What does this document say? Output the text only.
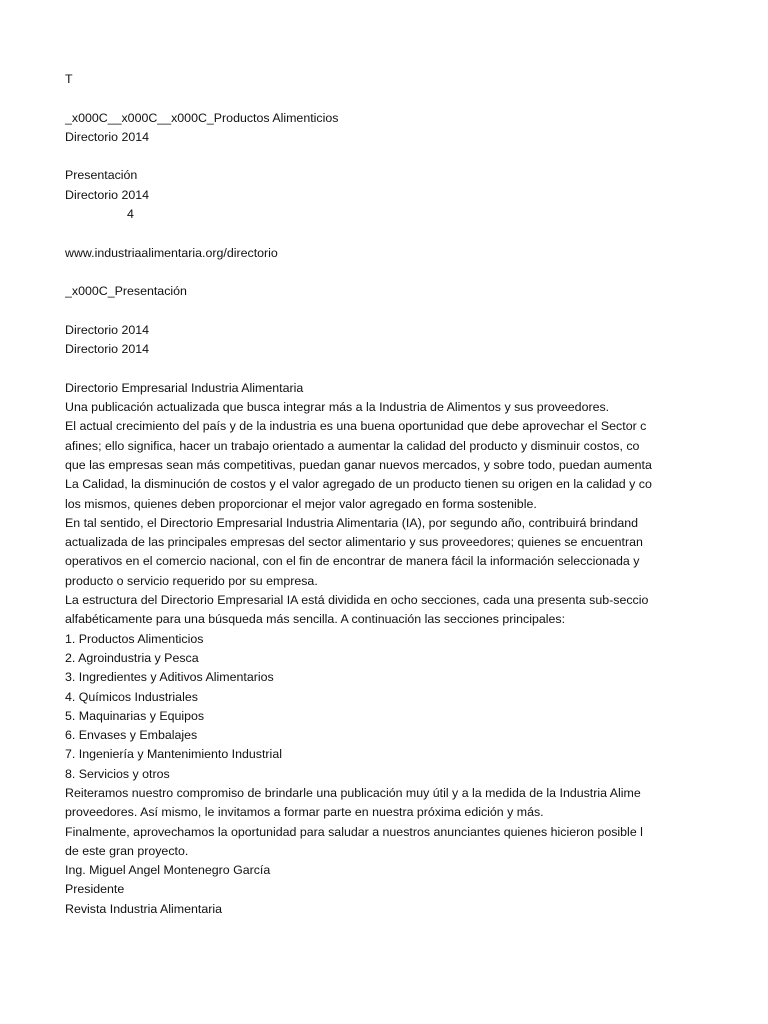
T
_x000C__x000C__x000C_Productos Alimenticios
Directorio 2014
Presentación
Directorio 2014
4
www.industriaalimentaria.org/directorio
_x000C_Presentación
Directorio 2014
Directorio 2014
Directorio Empresarial Industria Alimentaria
Una publicación actualizada que busca integrar más a la Industria de Alimentos y sus proveedores.
El actual crecimiento del país y de la industria es una buena oportunidad que debe aprovechar el Sector c
afines; ello significa, hacer un trabajo orientado a aumentar la calidad del producto y disminuir costos, co
que las empresas sean más competitivas, puedan ganar nuevos mercados, y sobre todo, puedan aumenta
La Calidad, la disminución de costos y el valor agregado de un producto tienen su origen en la calidad y co
los mismos, quienes deben proporcionar el mejor valor agregado en forma sostenible.
En tal sentido, el Directorio Empresarial Industria Alimentaria (IA), por segundo año, contribuirá brindand
actualizada de las principales empresas del sector alimentario y sus proveedores; quienes se encuentran
operativos en el comercio nacional, con el fin de encontrar de manera fácil la información seleccionada y
producto o servicio requerido por su empresa.
La estructura del Directorio Empresarial IA está dividida en ocho secciones, cada una presenta sub-seccio
alfabéticamente para una búsqueda más sencilla. A continuación las secciones principales:
1. Productos Alimenticios
2. Agroindustria y Pesca
3. Ingredientes y Aditivos Alimentarios
4. Químicos Industriales
5. Maquinarias y Equipos
6. Envases y Embalajes
7. Ingeniería y Mantenimiento Industrial
8. Servicios y otros
Reiteramos nuestro compromiso de brindarle una publicación muy útil y a la medida de la Industria Alime
proveedores. Así mismo, le invitamos a formar parte en nuestra próxima edición y más.
Finalmente, aprovechamos la oportunidad para saludar a nuestros anunciantes quienes hicieron posible l
de este gran proyecto.
Ing. Miguel Angel Montenegro García
Presidente
Revista Industria Alimentaria
